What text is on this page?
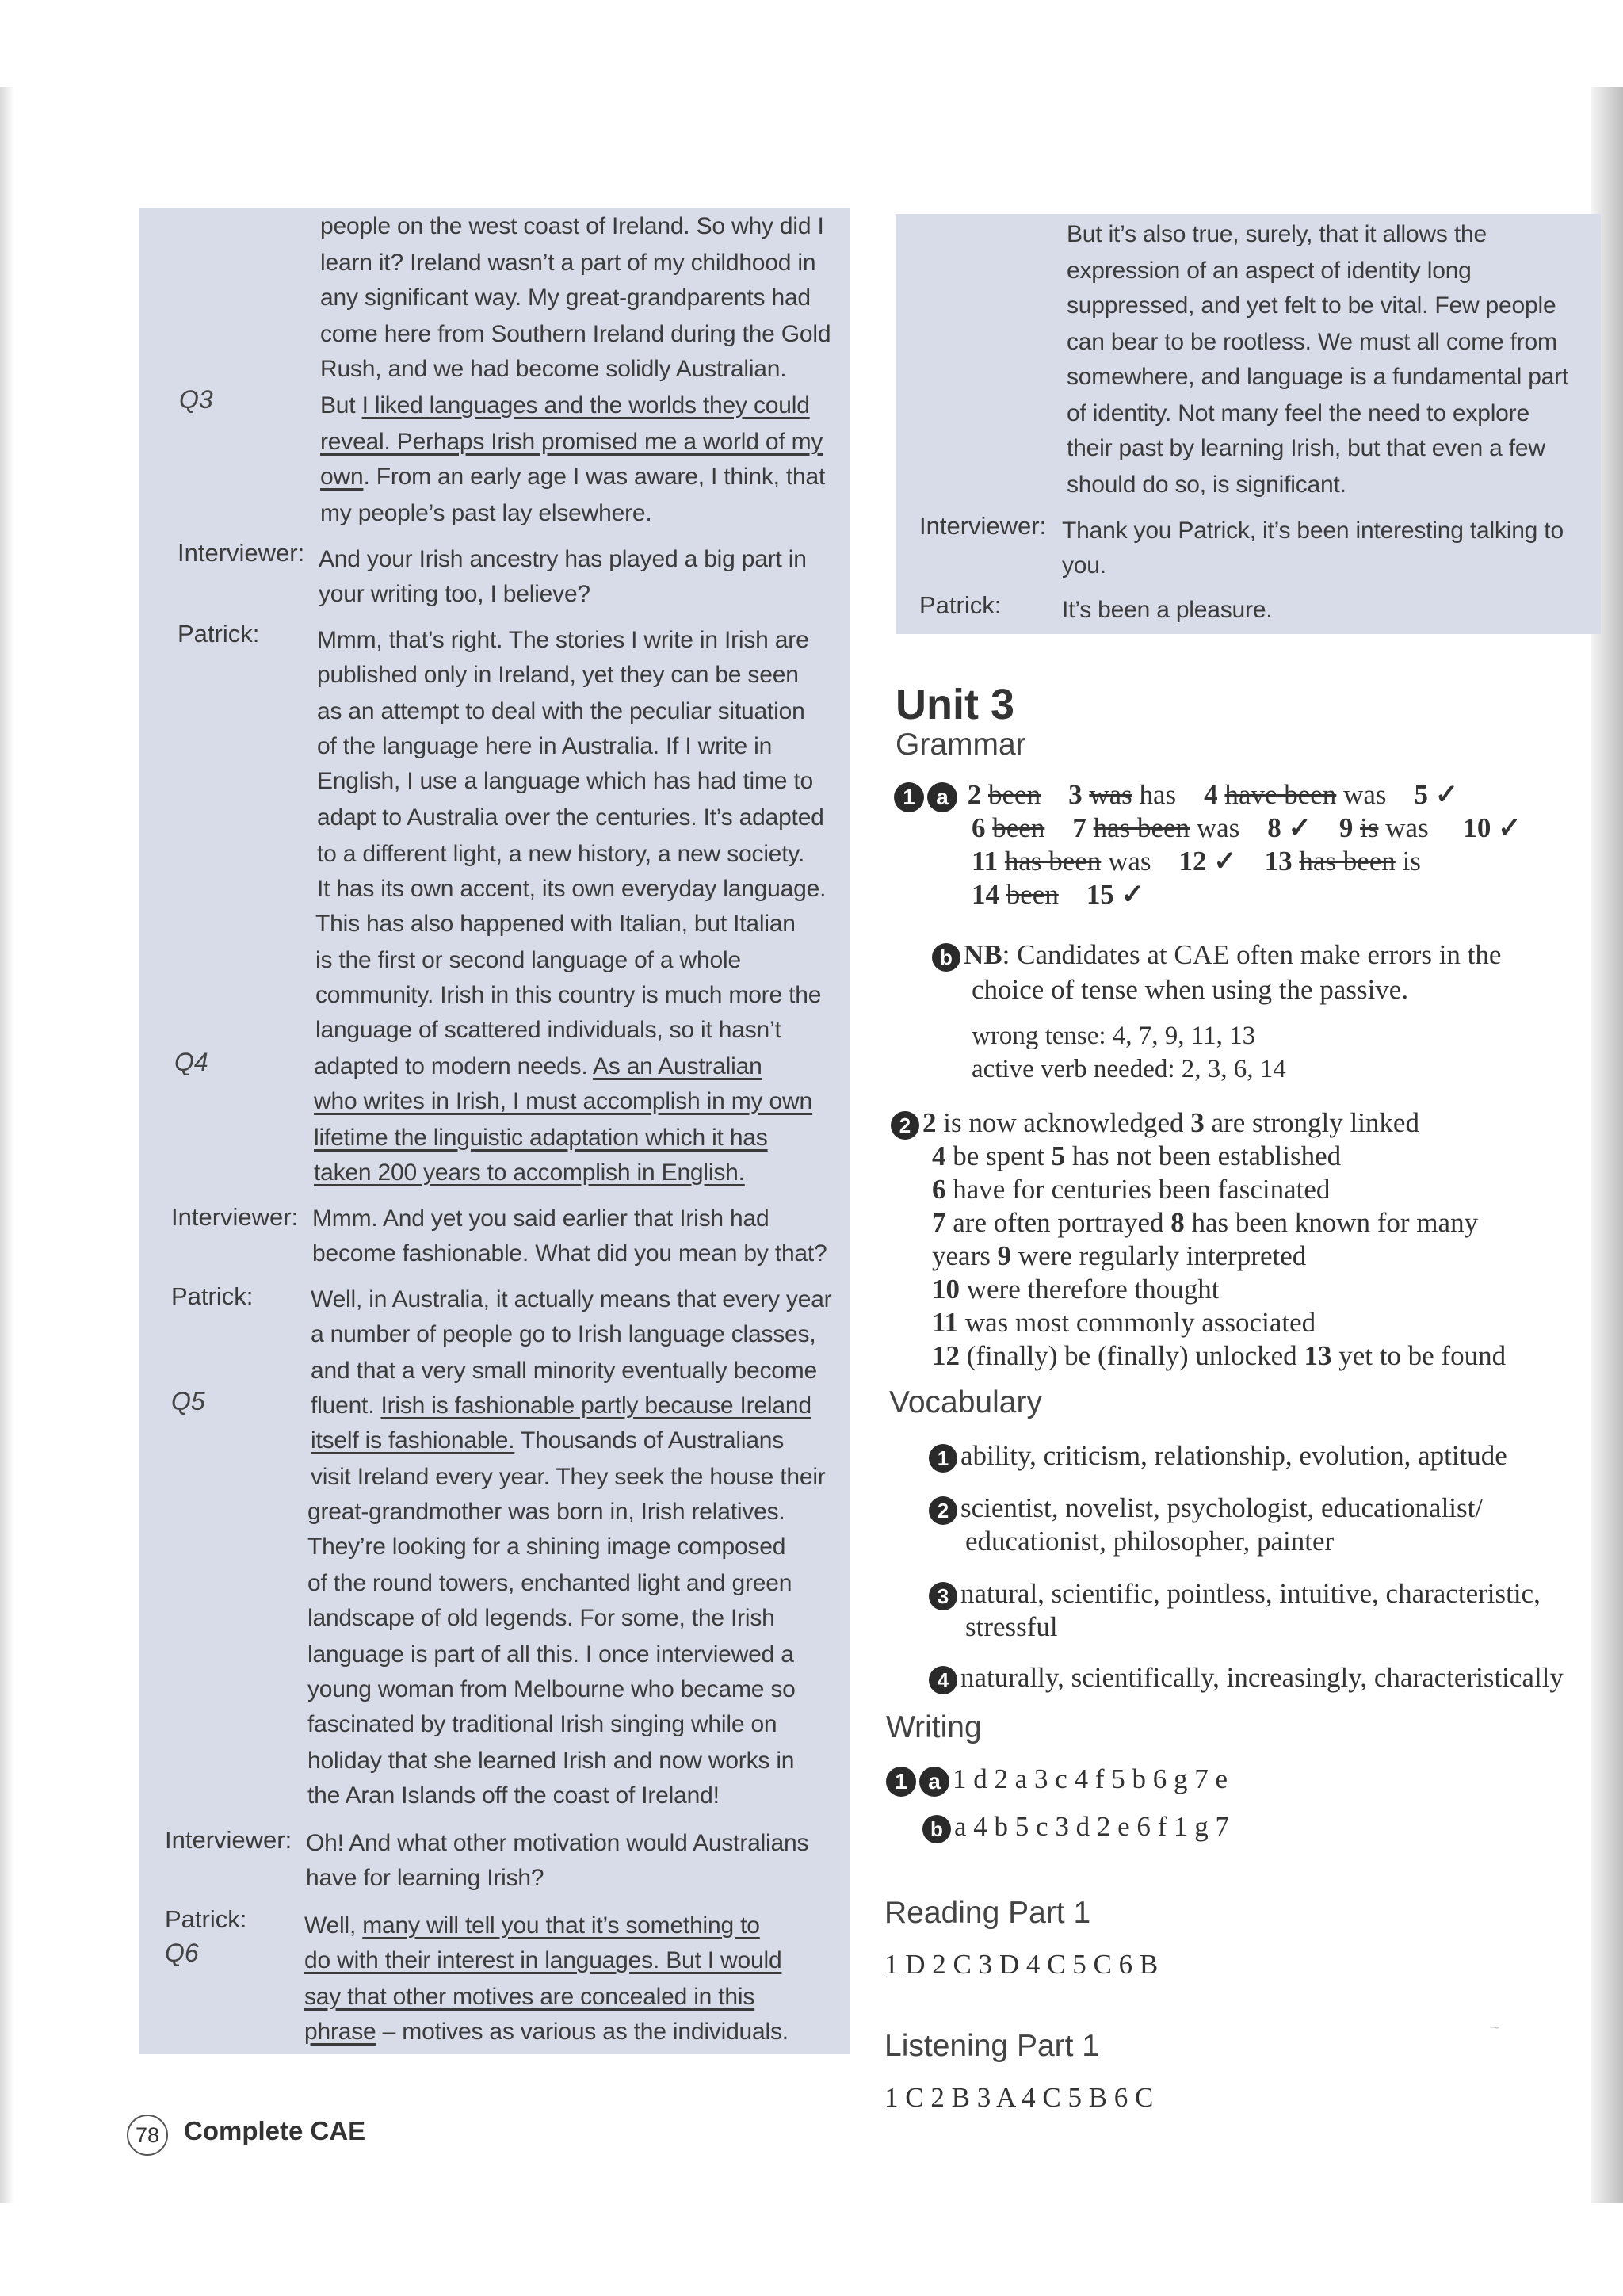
people on the west coast of Ireland. So why did I
learn it? Ireland wasn’t a part of my childhood in
any significant way. My great-grandparents had
come here from Southern Ireland during the Gold
Rush, and we had become solidly Australian.
But I liked languages and the worlds they could
reveal. Perhaps Irish promised me a world of my
own. From an early age I was aware, I think, that
my people’s past lay elsewhere.
And your Irish ancestry has played a big part in
your writing too, I believe?
Mmm, that’s right. The stories I write in Irish are
published only in Ireland, yet they can be seen
as an attempt to deal with the peculiar situation
of the language here in Australia. If I write in
English, I use a language which has had time to
adapt to Australia over the centuries. It’s adapted
to a different light, a new history, a new society.
It has its own accent, its own everyday language.
This has also happened with Italian, but Italian
is the first or second language of a whole
community. Irish in this country is much more the
language of scattered individuals, so it hasn’t
adapted to modern needs. As an Australian
who writes in Irish, I must accomplish in my own
lifetime the linguistic adaptation which it has
taken 200 years to accomplish in English.
Mmm. And yet you said earlier that Irish had
become fashionable. What did you mean by that?
Well, in Australia, it actually means that every year
a number of people go to Irish language classes,
and that a very small minority eventually become
fluent. Irish is fashionable partly because Ireland
itself is fashionable. Thousands of Australians
visit Ireland every year. They seek the house their
great-grandmother was born in, Irish relatives.
They’re looking for a shining image composed
of the round towers, enchanted light and green
landscape of old legends. For some, the Irish
language is part of all this. I once interviewed a
young woman from Melbourne who became so
fascinated by traditional Irish singing while on
holiday that she learned Irish and now works in
the Aran Islands off the coast of Ireland!
Oh! And what other motivation would Australians
have for learning Irish?
Well, many will tell you that it’s something to
do with their interest in languages. But I would
say that other motives are concealed in this
phrase – motives as various as the individuals.
Interviewer:
Patrick:
Interviewer:
Patrick:
Interviewer:
Patrick:
Q3
Q4
Q5
Q6
But it’s also true, surely, that it allows the
expression of an aspect of identity long
suppressed, and yet felt to be vital. Few people
can bear to be rootless. We must all come from
somewhere, and language is a fundamental part
of identity. Not many feel the need to explore
their past by learning Irish, but that even a few
should do so, is significant.
Thank you Patrick, it’s been interesting talking to
you.
It’s been a pleasure.
Interviewer:
Patrick:
Unit 3
Grammar
1 a 2 been 3 was has 4 have been was 5 ✓
6 been 7 has been was 8 ✓ 9 is was 10 ✓
11 has been was 12 ✓ 13 has been is
14 been 15 ✓
b NB: Candidates at CAE often make errors in the
choice of tense when using the passive.
wrong tense: 4, 7, 9, 11, 13
active verb needed: 2, 3, 6, 14
2 2 is now acknowledged 3 are strongly linked
4 be spent 5 has not been established
6 have for centuries been fascinated
7 are often portrayed 8 has been known for many
years 9 were regularly interpreted
10 were therefore thought
11 was most commonly associated
12 (finally) be (finally) unlocked 13 yet to be found
Vocabulary
1 ability, criticism, relationship, evolution, aptitude
2 scientist, novelist, psychologist, educationalist/
educationist, philosopher, painter
3 natural, scientific, pointless, intuitive, characteristic,
stressful
4 naturally, scientifically, increasingly, characteristically
Writing
1 a 1 d 2 a 3 c 4 f 5 b 6 g 7 e
b a 4 b 5 c 3 d 2 e 6 f 1 g 7
Reading Part 1
1 D 2 C 3 D 4 C 5 C 6 B
Listening Part 1
1 C 2 B 3 A 4 C 5 B 6 C
~
78 Complete CAE
